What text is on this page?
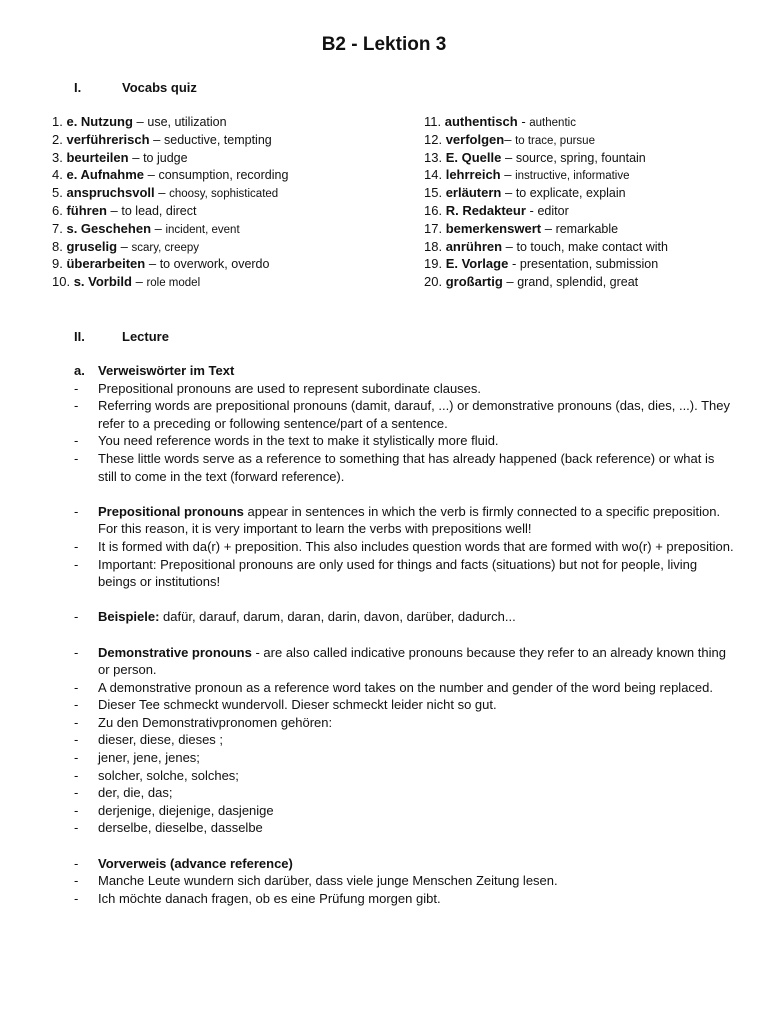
B2 - Lektion 3
I.	Vocabs quiz
1. e. Nutzung – use, utilization
2. verführerisch – seductive, tempting
3. beurteilen – to judge
4. e. Aufnahme – consumption, recording
5. anspruchsvoll – choosy, sophisticated
6. führen – to lead, direct
7. s. Geschehen – incident, event
8. gruselig – scary, creepy
9. überarbeiten – to overwork, overdo
10. s. Vorbild – role model
11. authentisch - authentic
12. verfolgen– to trace, pursue
13. E. Quelle – source, spring, fountain
14. lehrreich – instructive, informative
15. erläutern – to explicate, explain
16. R. Redakteur - editor
17. bemerkenswert – remarkable
18. anrühren – to touch, make contact with
19. E. Vorlage - presentation, submission
20. großartig – grand, splendid, great
II.	Lecture
a.	Verweiswörter im Text
-	Prepositional pronouns are used to represent subordinate clauses.
-	Referring words are prepositional pronouns (damit, darauf, ...) or demonstrative pronouns (das, dies, ...). They refer to a preceding or following sentence/part of a sentence.
-	You need reference words in the text to make it stylistically more fluid.
-	These little words serve as a reference to something that has already happened (back reference) or what is still to come in the text (forward reference).
-	Prepositional pronouns appear in sentences in which the verb is firmly connected to a specific preposition. For this reason, it is very important to learn the verbs with prepositions well!
-	It is formed with da(r) + preposition. This also includes question words that are formed with wo(r) + preposition.
-	Important: Prepositional pronouns are only used for things and facts (situations) but not for people, living beings or institutions!
-	Beispiele: dafür, darauf, darum, daran, darin, davon, darüber, dadurch...
-	Demonstrative pronouns - are also called indicative pronouns because they refer to an already known thing or person.
-	A demonstrative pronoun as a reference word takes on the number and gender of the word being replaced.
-	Dieser Tee schmeckt wundervoll. Dieser schmeckt leider nicht so gut.
-	Zu den Demonstrativpronomen gehören:
-	dieser, diese, dieses ;
-	jener, jene, jenes;
-	solcher, solche, solches;
-	der, die, das;
-	derjenige, diejenige, dasjenige
-	derselbe, dieselbe, dasselbe
-	Vorverweis (advance reference)
-	Manche Leute wundern sich darüber, dass viele junge Menschen Zeitung lesen.
-	Ich möchte danach fragen, ob es eine Prüfung morgen gibt.
